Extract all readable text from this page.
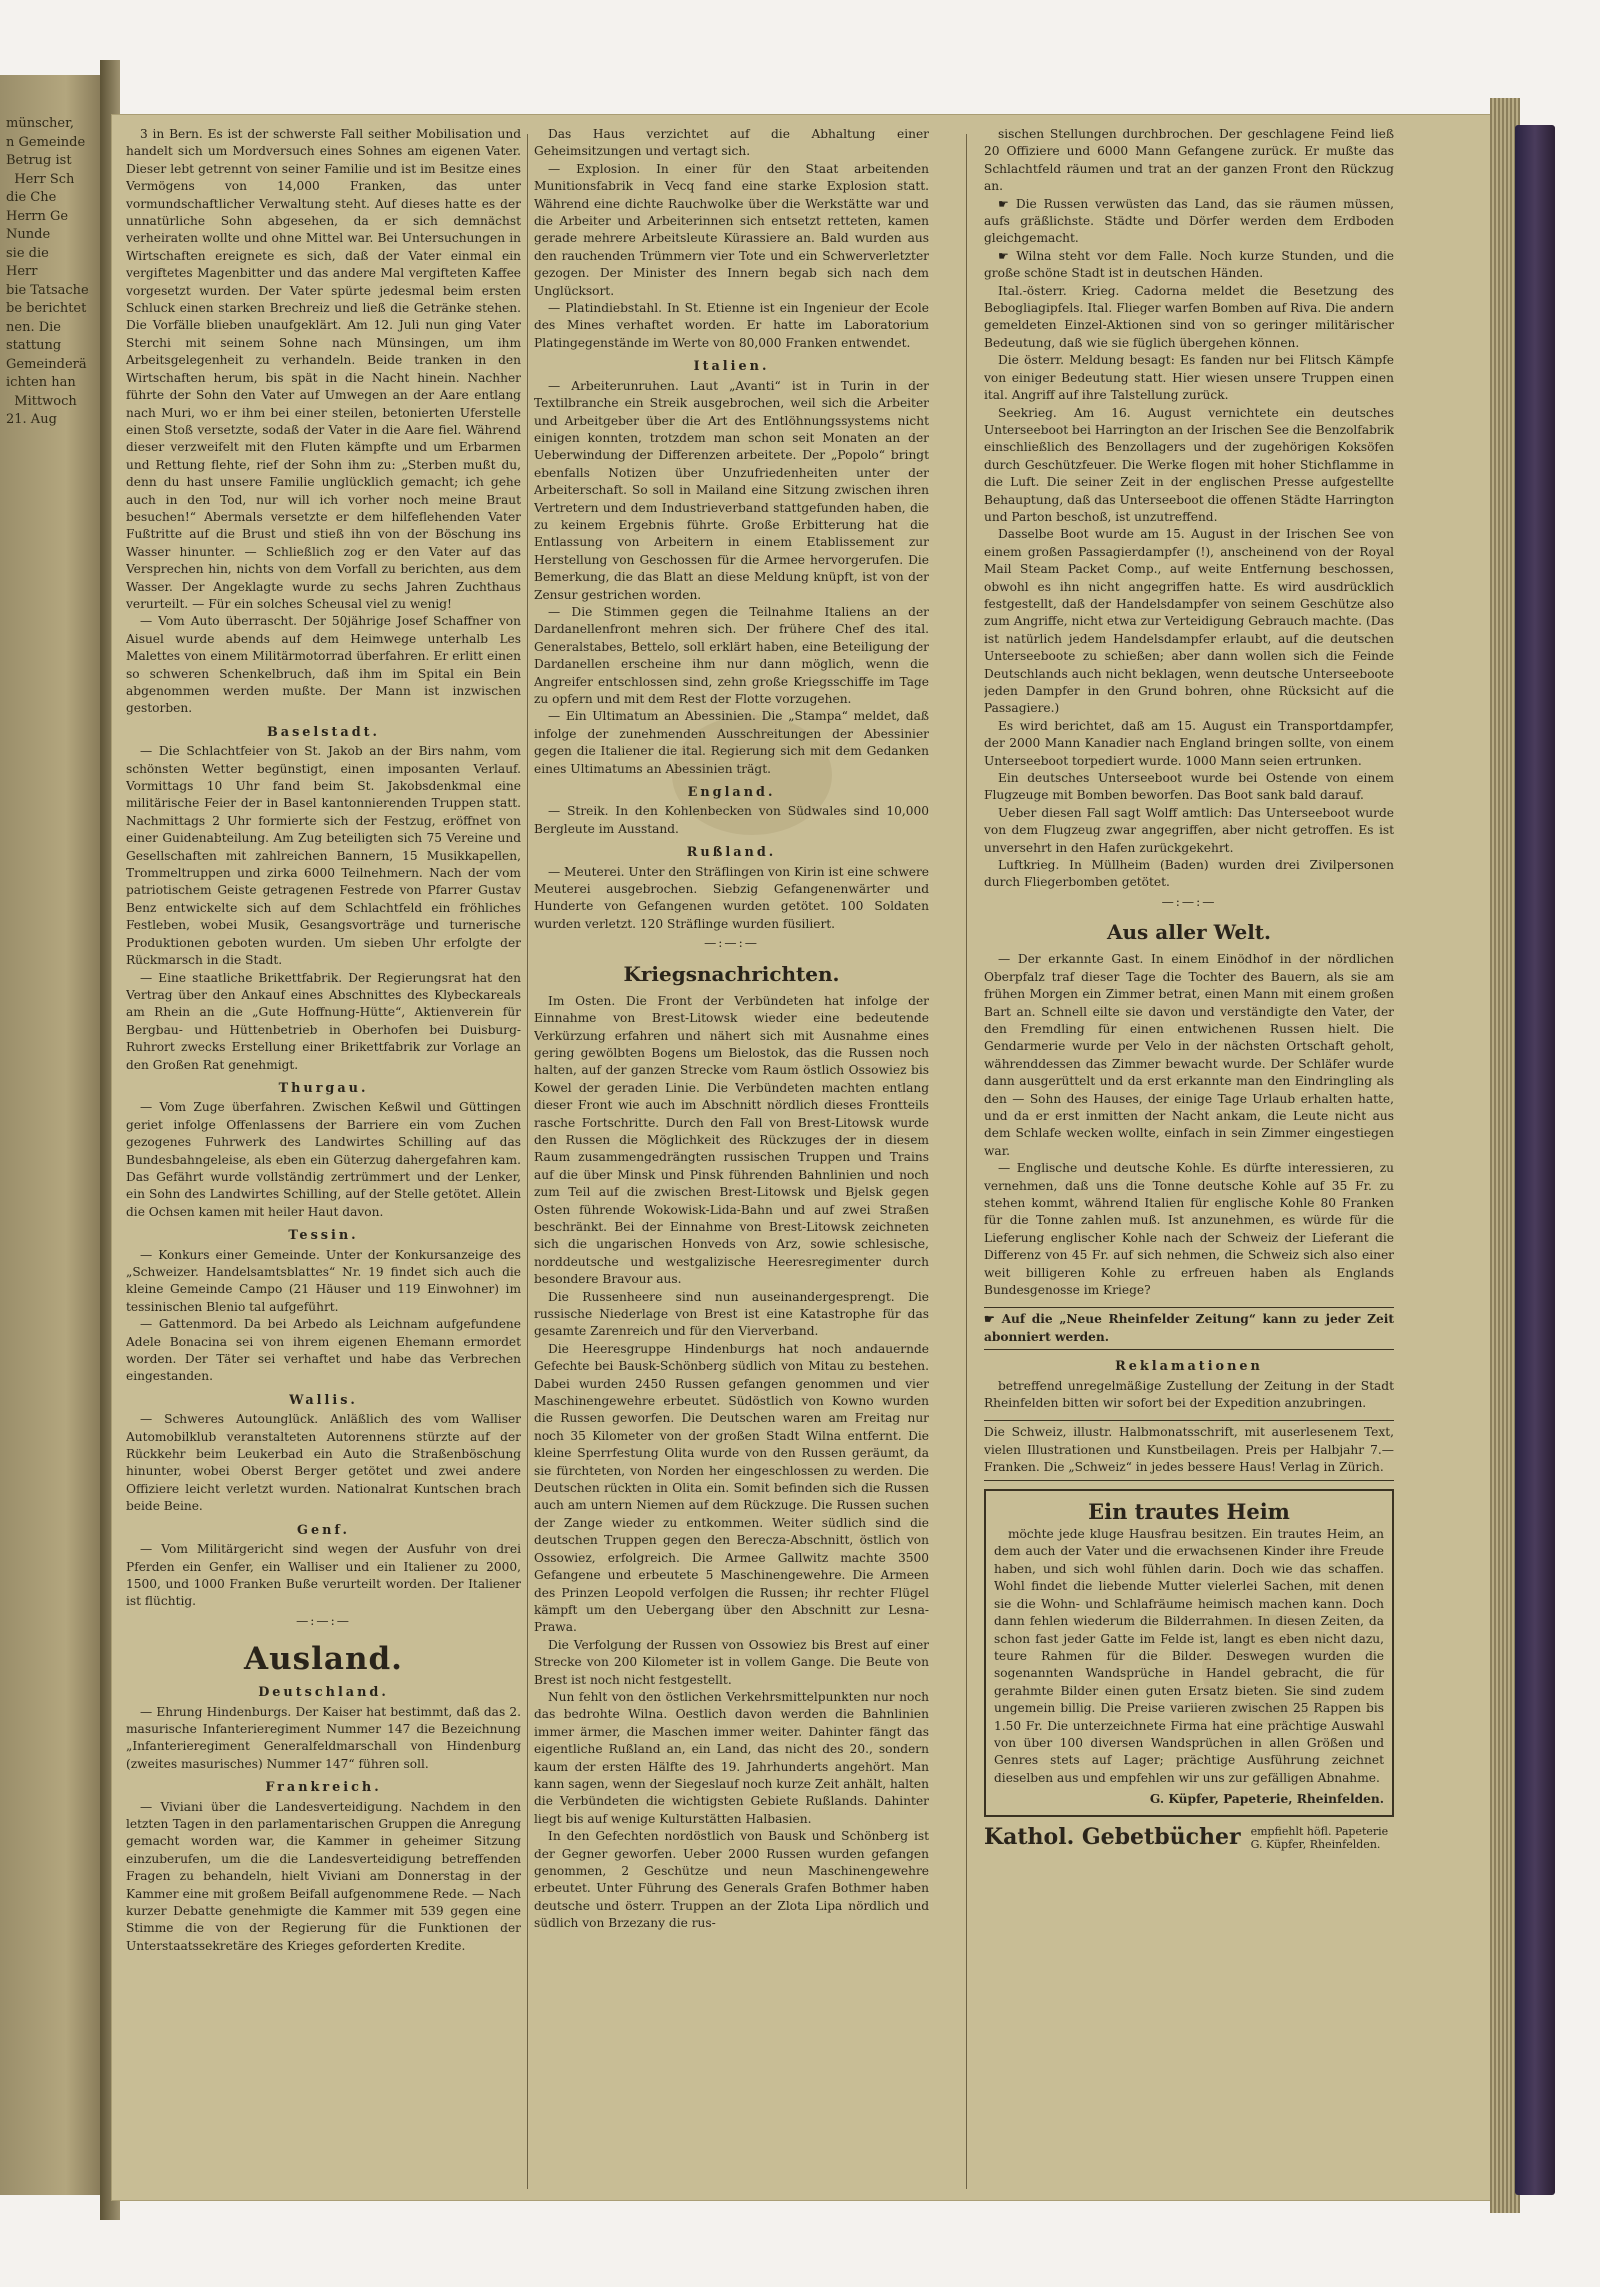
münscher,
n Gemeinde
Betrug ist
Herr Sch
die Che
Herrn Ge
Nunde
sie die
Herr
bie Tatsache
be berichtet
nen. Die
stattung
Gemeinderä
ichten han
Mittwoch
21. Aug

3 in Bern. Es ist der schwerste Fall seither Mobilisation und handelt sich um Mordversuch eines Sohnes am eigenen Vater. Dieser lebt getrennt von seiner Familie und ist im Besitze eines Vermögens von 14,000 Franken, das unter vormundschaftlicher Verwaltung steht. Auf dieses hatte es der unnatürliche Sohn abgesehen, da er sich demnächst verheiraten wollte und ohne Mittel war. Bei Untersuchungen in Wirtschaften ereignete es sich, daß der Vater einmal ein vergiftetes Magenbitter und das andere Mal vergifteten Kaffee vorgesetzt wurden. Der Vater spürte jedesmal beim ersten Schluck einen starken Brechreiz und ließ die Getränke stehen. Die Vorfälle blieben unaufgeklärt. Am 12. Juli nun ging Vater Sterchi mit seinem Sohne nach Münsingen, um ihm Arbeitsgelegenheit zu verhandeln. Beide tranken in den Wirtschaften herum, bis spät in die Nacht hinein. Nachher führte der Sohn den Vater auf Umwegen an der Aare entlang nach Muri, wo er ihm bei einer steilen, betonierten Uferstelle einen Stoß versetzte, sodaß der Vater in die Aare fiel. Während dieser verzweifelt mit den Fluten kämpfte und um Erbarmen und Rettung flehte, rief der Sohn ihm zu: „Sterben mußt du, denn du hast unsere Familie unglücklich gemacht; ich gehe auch in den Tod, nur will ich vorher noch meine Braut besuchen!“ Abermals versetzte er dem hilfeflehenden Vater Fußtritte auf die Brust und stieß ihn von der Böschung ins Wasser hinunter. — Schließlich zog er den Vater auf das Versprechen hin, nichts von dem Vorfall zu berichten, aus dem Wasser. Der Angeklagte wurde zu sechs Jahren Zuchthaus verurteilt. — Für ein solches Scheusal viel zu wenig!

— Vom Auto überrascht. Der 50jährige Josef Schaffner von Aisuel wurde abends auf dem Heimwege unterhalb Les Malettes von einem Militärmotorrad überfahren. Er erlitt einen so schweren Schenkelbruch, daß ihm im Spital ein Bein abgenommen werden mußte. Der Mann ist inzwischen gestorben.

Baselstadt.

— Die Schlachtfeier von St. Jakob an der Birs nahm, vom schönsten Wetter begünstigt, einen imposanten Verlauf. Vormittags 10 Uhr fand beim St. Jakobsdenkmal eine militärische Feier der in Basel kantonnierenden Truppen statt. Nachmittags 2 Uhr formierte sich der Festzug, eröffnet von einer Guidenabteilung. Am Zug beteiligten sich 75 Vereine und Gesellschaften mit zahlreichen Bannern, 15 Musikkapellen, Trommeltruppen und zirka 6000 Teilnehmern. Nach der vom patriotischem Geiste getragenen Festrede von Pfarrer Gustav Benz entwickelte sich auf dem Schlachtfeld ein fröhliches Festleben, wobei Musik, Gesangsvorträge und turnerische Produktionen geboten wurden. Um sieben Uhr erfolgte der Rückmarsch in die Stadt.

— Eine staatliche Brikettfabrik. Der Regierungsrat hat den Vertrag über den Ankauf eines Abschnittes des Klybeckareals am Rhein an die „Gute Hoffnung-Hütte“, Aktienverein für Bergbau- und Hüttenbetrieb in Oberhofen bei Duisburg-Ruhrort zwecks Erstellung einer Brikettfabrik zur Vorlage an den Großen Rat genehmigt.

Thurgau.

— Vom Zuge überfahren. Zwischen Keßwil und Güttingen geriet infolge Offenlassens der Barriere ein vom Zuchen gezogenes Fuhrwerk des Landwirtes Schilling auf das Bundesbahngeleise, als eben ein Güterzug dahergefahren kam. Das Gefährt wurde vollständig zertrümmert und der Lenker, ein Sohn des Landwirtes Schilling, auf der Stelle getötet. Allein die Ochsen kamen mit heiler Haut davon.

Tessin.

— Konkurs einer Gemeinde. Unter der Konkursanzeige des „Schweizer. Handelsamtsblattes“ Nr. 19 findet sich auch die kleine Gemeinde Campo (21 Häuser und 119 Einwohner) im tessinischen Blenio tal aufgeführt.

— Gattenmord. Da bei Arbedo als Leichnam aufgefundene Adele Bonacina sei von ihrem eigenen Ehemann ermordet worden. Der Täter sei verhaftet und habe das Verbrechen eingestanden.

Wallis.

— Schweres Autounglück. Anläßlich des vom Walliser Automobilklub veranstalteten Autorennens stürzte auf der Rückkehr beim Leukerbad ein Auto die Straßenböschung hinunter, wobei Oberst Berger getötet und zwei andere Offiziere leicht verletzt wurden. Nationalrat Kuntschen brach beide Beine.

Genf.

— Vom Militärgericht sind wegen der Ausfuhr von drei Pferden ein Genfer, ein Walliser und ein Italiener zu 2000, 1500, und 1000 Franken Buße verurteilt worden. Der Italiener ist flüchtig.

—:—:—
Ausland.
Deutschland.

— Ehrung Hindenburgs. Der Kaiser hat bestimmt, daß das 2. masurische Infanterieregiment Nummer 147 die Bezeichnung „Infanterieregiment Generalfeldmarschall von Hindenburg (zweites masurisches) Nummer 147“ führen soll.

Frankreich.

— Viviani über die Landesverteidigung. Nachdem in den letzten Tagen in den parlamentarischen Gruppen die Anregung gemacht worden war, die Kammer in geheimer Sitzung einzuberufen, um die die Landesverteidigung betreffenden Fragen zu behandeln, hielt Viviani am Donnerstag in der Kammer eine mit großem Beifall aufgenommene Rede. — Nach kurzer Debatte genehmigte die Kammer mit 539 gegen eine Stimme die von der Regierung für die Funktionen der Unterstaatssekretäre des Krieges geforderten Kredite.

Das Haus verzichtet auf die Abhaltung einer Geheimsitzungen und vertagt sich.

— Explosion. In einer für den Staat arbeitenden Munitionsfabrik in Vecq fand eine starke Explosion statt. Während eine dichte Rauchwolke über die Werkstätte war und die Arbeiter und Arbeiterinnen sich entsetzt retteten, kamen gerade mehrere Arbeitsleute Kürassiere an. Bald wurden aus den rauchenden Trümmern vier Tote und ein Schwerverletzter gezogen. Der Minister des Innern begab sich nach dem Unglücksort.

— Platindiebstahl. In St. Etienne ist ein Ingenieur der Ecole des Mines verhaftet worden. Er hatte im Laboratorium Platingegenstände im Werte von 80,000 Franken entwendet.

Italien.

— Arbeiterunruhen. Laut „Avanti“ ist in Turin in der Textilbranche ein Streik ausgebrochen, weil sich die Arbeiter und Arbeitgeber über die Art des Entlöhnungssystems nicht einigen konnten, trotzdem man schon seit Monaten an der Ueberwindung der Differenzen arbeitete. Der „Popolo“ bringt ebenfalls Notizen über Unzufriedenheiten unter der Arbeiterschaft. So soll in Mailand eine Sitzung zwischen ihren Vertretern und dem Industrieverband stattgefunden haben, die zu keinem Ergebnis führte. Große Erbitterung hat die Entlassung von Arbeitern in einem Etablissement zur Herstellung von Geschossen für die Armee hervorgerufen. Die Bemerkung, die das Blatt an diese Meldung knüpft, ist von der Zensur gestrichen worden.

— Die Stimmen gegen die Teilnahme Italiens an der Dardanellenfront mehren sich. Der frühere Chef des ital. Generalstabes, Bettelo, soll erklärt haben, eine Beteiligung der Dardanellen erscheine ihm nur dann möglich, wenn die Angreifer entschlossen sind, zehn große Kriegsschiffe im Tage zu opfern und mit dem Rest der Flotte vorzugehen.

— Ein Ultimatum an Abessinien. Die „Stampa“ meldet, daß infolge der zunehmenden Ausschreitungen der Abessinier gegen die Italiener die ital. Regierung sich mit dem Gedanken eines Ultimatums an Abessinien trägt.

England.

— Streik. In den Kohlenbecken von Südwales sind 10,000 Bergleute im Ausstand.

Rußland.

— Meuterei. Unter den Sträflingen von Kirin ist eine schwere Meuterei ausgebrochen. Siebzig Gefangenenwärter und Hunderte von Gefangenen wurden getötet. 100 Soldaten wurden verletzt. 120 Sträflinge wurden füsiliert.

—:—:—
Kriegsnachrichten.

Im Osten. Die Front der Verbündeten hat infolge der Einnahme von Brest-Litowsk wieder eine bedeutende Verkürzung erfahren und nähert sich mit Ausnahme eines gering gewölbten Bogens um Bielostok, das die Russen noch halten, auf der ganzen Strecke vom Raum östlich Ossowiez bis Kowel der geraden Linie. Die Verbündeten machten entlang dieser Front wie auch im Abschnitt nördlich dieses Frontteils rasche Fortschritte. Durch den Fall von Brest-Litowsk wurde den Russen die Möglichkeit des Rückzuges der in diesem Raum zusammengedrängten russischen Truppen und Trains auf die über Minsk und Pinsk führenden Bahnlinien und noch zum Teil auf die zwischen Brest-Litowsk und Bjelsk gegen Osten führende Wokowisk-Lida-Bahn und auf zwei Straßen beschränkt. Bei der Einnahme von Brest-Litowsk zeichneten sich die ungarischen Honveds von Arz, sowie schlesische, norddeutsche und westgalizische Heeresregimenter durch besondere Bravour aus.

Die Russenheere sind nun auseinandergesprengt. Die russische Niederlage von Brest ist eine Katastrophe für das gesamte Zarenreich und für den Vierverband.

Die Heeresgruppe Hindenburgs hat noch andauernde Gefechte bei Bausk-Schönberg südlich von Mitau zu bestehen. Dabei wurden 2450 Russen gefangen genommen und vier Maschinengewehre erbeutet. Südöstlich von Kowno wurden die Russen geworfen. Die Deutschen waren am Freitag nur noch 35 Kilometer von der großen Stadt Wilna entfernt. Die kleine Sperrfestung Olita wurde von den Russen geräumt, da sie fürchteten, von Norden her eingeschlossen zu werden. Die Deutschen rückten in Olita ein. Somit befinden sich die Russen auch am untern Niemen auf dem Rückzuge. Die Russen suchen der Zange wieder zu entkommen. Weiter südlich sind die deutschen Truppen gegen den Berecza-Abschnitt, östlich von Ossowiez, erfolgreich. Die Armee Gallwitz machte 3500 Gefangene und erbeutete 5 Maschinengewehre. Die Armeen des Prinzen Leopold verfolgen die Russen; ihr rechter Flügel kämpft um den Uebergang über den Abschnitt zur Lesna-Prawa.

Die Verfolgung der Russen von Ossowiez bis Brest auf einer Strecke von 200 Kilometer ist in vollem Gange. Die Beute von Brest ist noch nicht festgestellt.

Nun fehlt von den östlichen Verkehrsmittelpunkten nur noch das bedrohte Wilna. Oestlich davon werden die Bahnlinien immer ärmer, die Maschen immer weiter. Dahinter fängt das eigentliche Rußland an, ein Land, das nicht des 20., sondern kaum der ersten Hälfte des 19. Jahrhunderts angehört. Man kann sagen, wenn der Siegeslauf noch kurze Zeit anhält, halten die Verbündeten die wichtigsten Gebiete Rußlands. Dahinter liegt bis auf wenige Kulturstätten Halbasien.

In den Gefechten nordöstlich von Bausk und Schönberg ist der Gegner geworfen. Ueber 2000 Russen wurden gefangen genommen, 2 Geschütze und neun Maschinengewehre erbeutet. Unter Führung des Generals Grafen Bothmer haben deutsche und österr. Truppen an der Zlota Lipa nördlich und südlich von Brzezany die rus-

sischen Stellungen durchbrochen. Der geschlagene Feind ließ 20 Offiziere und 6000 Mann Gefangene zurück. Er mußte das Schlachtfeld räumen und trat an der ganzen Front den Rückzug an.

☛ Die Russen verwüsten das Land, das sie räumen müssen, aufs gräßlichste. Städte und Dörfer werden dem Erdboden gleichgemacht.

☛ Wilna steht vor dem Falle. Noch kurze Stunden, und die große schöne Stadt ist in deutschen Händen.

Ital.-österr. Krieg. Cadorna meldet die Besetzung des Bebogliagipfels. Ital. Flieger warfen Bomben auf Riva. Die andern gemeldeten Einzel-Aktionen sind von so geringer militärischer Bedeutung, daß wie sie füglich übergehen können.

Die österr. Meldung besagt: Es fanden nur bei Flitsch Kämpfe von einiger Bedeutung statt. Hier wiesen unsere Truppen einen ital. Angriff auf ihre Talstellung zurück.

Seekrieg. Am 16. August vernichtete ein deutsches Unterseeboot bei Harrington an der Irischen See die Benzolfabrik einschließlich des Benzollagers und der zugehörigen Koksöfen durch Geschützfeuer. Die Werke flogen mit hoher Stichflamme in die Luft. Die seiner Zeit in der englischen Presse aufgestellte Behauptung, daß das Unterseeboot die offenen Städte Harrington und Parton beschoß, ist unzutreffend.

Dasselbe Boot wurde am 15. August in der Irischen See von einem großen Passagierdampfer (!), anscheinend von der Royal Mail Steam Packet Comp., auf weite Entfernung beschossen, obwohl es ihn nicht angegriffen hatte. Es wird ausdrücklich festgestellt, daß der Handelsdampfer von seinem Geschütze also zum Angriffe, nicht etwa zur Verteidigung Gebrauch machte. (Das ist natürlich jedem Handelsdampfer erlaubt, auf die deutschen Unterseeboote zu schießen; aber dann wollen sich die Feinde Deutschlands auch nicht beklagen, wenn deutsche Unterseeboote jeden Dampfer in den Grund bohren, ohne Rücksicht auf die Passagiere.)

Es wird berichtet, daß am 15. August ein Transportdampfer, der 2000 Mann Kanadier nach England bringen sollte, von einem Unterseeboot torpediert wurde. 1000 Mann seien ertrunken.

Ein deutsches Unterseeboot wurde bei Ostende von einem Flugzeuge mit Bomben beworfen. Das Boot sank bald darauf.

Ueber diesen Fall sagt Wolff amtlich: Das Unterseeboot wurde von dem Flugzeug zwar angegriffen, aber nicht getroffen. Es ist unversehrt in den Hafen zurückgekehrt.

Luftkrieg. In Müllheim (Baden) wurden drei Zivilpersonen durch Fliegerbomben getötet.

—:—:—
Aus aller Welt.

— Der erkannte Gast. In einem Einödhof in der nördlichen Oberpfalz traf dieser Tage die Tochter des Bauern, als sie am frühen Morgen ein Zimmer betrat, einen Mann mit einem großen Bart an. Schnell eilte sie davon und verständigte den Vater, der den Fremdling für einen entwichenen Russen hielt. Die Gendarmerie wurde per Velo in der nächsten Ortschaft geholt, währenddessen das Zimmer bewacht wurde. Der Schläfer wurde dann ausgerüttelt und da erst erkannte man den Eindringling als den — Sohn des Hauses, der einige Tage Urlaub erhalten hatte, und da er erst inmitten der Nacht ankam, die Leute nicht aus dem Schlafe wecken wollte, einfach in sein Zimmer eingestiegen war.

— Englische und deutsche Kohle. Es dürfte interessieren, zu vernehmen, daß uns die Tonne deutsche Kohle auf 35 Fr. zu stehen kommt, während Italien für englische Kohle 80 Franken für die Tonne zahlen muß. Ist anzunehmen, es würde für die Lieferung englischer Kohle nach der Schweiz der Lieferant die Differenz von 45 Fr. auf sich nehmen, die Schweiz sich also einer weit billigeren Kohle zu erfreuen haben als Englands Bundesgenosse im Kriege?

☛ Auf die „Neue Rheinfelder Zeitung“ kann zu jeder Zeit abonniert werden.
Reklamationen

betreffend unregelmäßige Zustellung der Zeitung in der Stadt Rheinfelden bitten wir sofort bei der Expedition anzubringen.

Die Schweiz, illustr. Halbmonatsschrift, mit auserlesenem Text, vielen Illustrationen und Kunstbeilagen. Preis per Halbjahr 7.— Franken. Die „Schweiz“ in jedes bessere Haus! Verlag in Zürich.
Ein trautes Heim

möchte jede kluge Hausfrau besitzen. Ein trautes Heim, an dem auch der Vater und die erwachsenen Kinder ihre Freude haben, und sich wohl fühlen darin. Doch wie das schaffen. Wohl findet die liebende Mutter vielerlei Sachen, mit denen sie die Wohn- und Schlafräume heimisch machen kann. Doch dann fehlen wiederum die Bilderrahmen. In diesen Zeiten, da schon fast jeder Gatte im Felde ist, langt es eben nicht dazu, teure Rahmen für die Bilder. Deswegen wurden die sogenannten Wandsprüche in Handel gebracht, die für gerahmte Bilder einen guten Ersatz bieten. Sie sind zudem ungemein billig. Die Preise variieren zwischen 25 Rappen bis 1.50 Fr. Die unterzeichnete Firma hat eine prächtige Auswahl von über 100 diversen Wandsprüchen in allen Größen und Genres stets auf Lager; prächtige Ausführung zeichnet dieselben aus und empfehlen wir uns zur gefälligen Abnahme.

G. Küpfer, Papeterie, Rheinfelden.
Kathol. Gebetbücher empfiehlt höfl. Papeterie
G. Küpfer, Rheinfelden.
